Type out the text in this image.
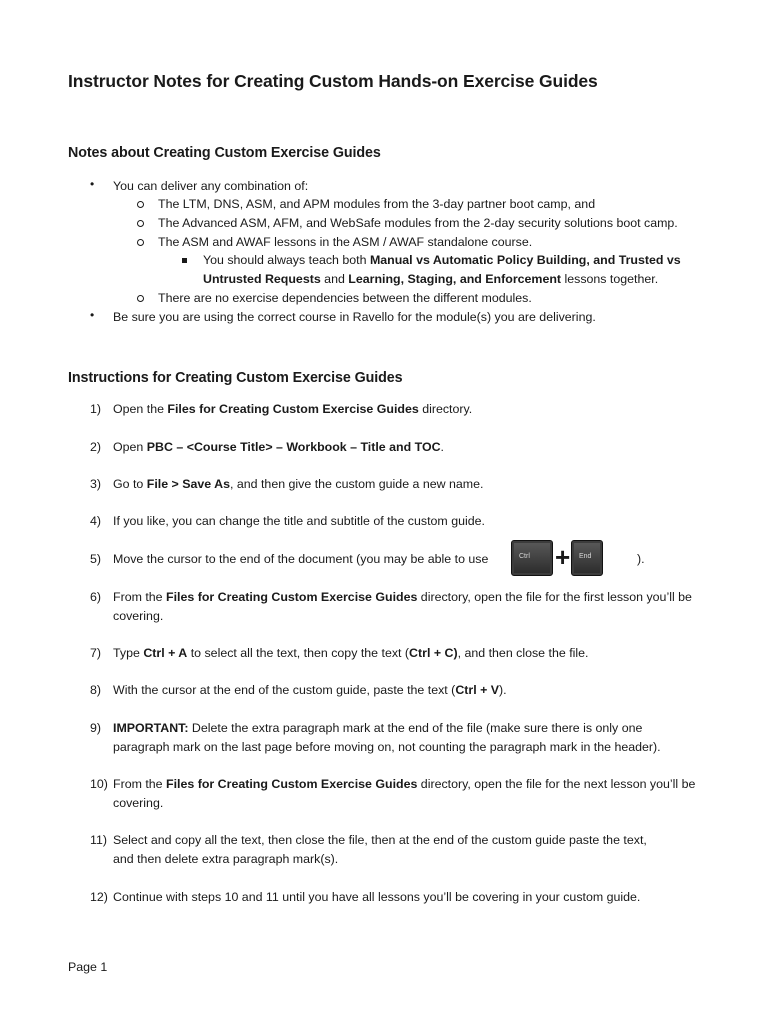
Instructor Notes for Creating Custom Hands-on Exercise Guides
Notes about Creating Custom Exercise Guides
• You can deliver any combination of:
The LTM, DNS, ASM, and APM modules from the 3-day partner boot camp, and
The Advanced ASM, AFM, and WebSafe modules from the 2-day security solutions boot camp.
The ASM and AWAF lessons in the ASM / AWAF standalone course.
You should always teach both Manual vs Automatic Policy Building, and Trusted vs
Untrusted Requests and Learning, Staging, and Enforcement lessons together.
There are no exercise dependencies between the different modules.
• Be sure you are using the correct course in Ravello for the module(s) you are delivering.
Instructions for Creating Custom Exercise Guides
1) Open the Files for Creating Custom Exercise Guides directory.
2) Open PBC – <Course Title> – Workbook – Title and TOC.
3) Go to File > Save As, and then give the custom guide a new name.
4) If you like, you can change the title and subtitle of the custom guide.
5) Move the cursor to the end of the document (you may be able to use	Ctrl + End	).
6) From the Files for Creating Custom Exercise Guides directory, open the file for the first lesson you’ll be
covering.
7) Type Ctrl + A to select all the text, then copy the text (Ctrl + C), and then close the file.
8) With the cursor at the end of the custom guide, paste the text (Ctrl + V).
9) IMPORTANT: Delete the extra paragraph mark at the end of the file (make sure there is only one
paragraph mark on the last page before moving on, not counting the paragraph mark in the header).
10) From the Files for Creating Custom Exercise Guides directory, open the file for the next lesson you’ll be
covering.
11) Select and copy all the text, then close the file, then at the end of the custom guide paste the text,
and then delete extra paragraph mark(s).
12) Continue with steps 10 and 11 until you have all lessons you’ll be covering in your custom guide.
Page 1
